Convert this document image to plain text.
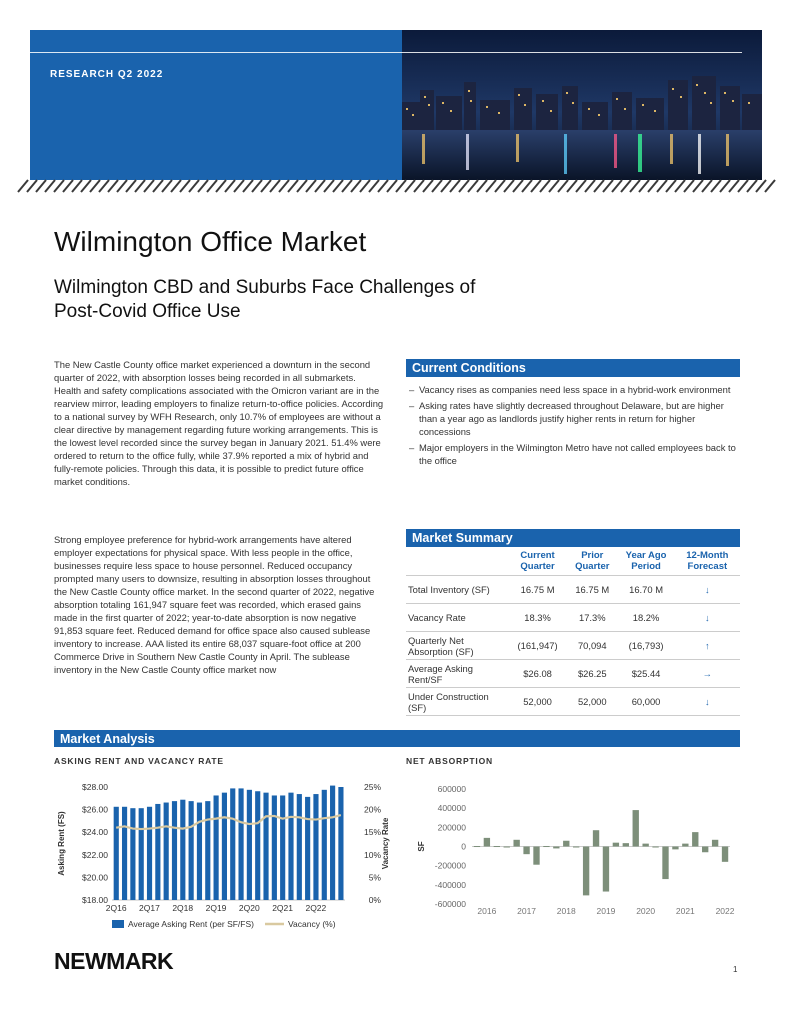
RESEARCH Q2 2022
Wilmington Office Market
Wilmington CBD and Suburbs Face Challenges of
Post-Covid Office Use
The New Castle County office market experienced a downturn in the second quarter of 2022, with absorption losses being recorded in all submarkets. Health and safety complications associated with the Omicron variant are in the rearview mirror, leading employers to finalize return-to-office policies. According to a national survey by WFH Research, only 10.7% of employees are without a clear directive by management regarding future working arrangements. This is the lowest level recorded since the survey began in January 2021. 51.4% were ordered to return to the office fully, while 37.9% reported a mix of hybrid and fully-remote policies. Through this data, it is possible to predict future office market conditions.
Strong employee preference for hybrid-work arrangements have altered employer expectations for physical space. With less people in the office, businesses require less space to house personnel. Reduced occupancy prompted many users to downsize, resulting in absorption losses throughout the New Castle County office market. In the second quarter of 2022, negative absorption totaling 161,947 square feet was recorded, which erased gains made in the first quarter of 2022; year-to-date absorption is now negative 91,853 square feet. Reduced demand for office space also caused sublease inventory to increase. AAA listed its entire 68,037 square-foot office at 200 Commerce Drive in Southern New Castle County in April. The sublease inventory in the New Castle County office market now
Current Conditions
– Vacancy rises as companies need less space in a hybrid-work environment
– Asking rates have slightly decreased throughout Delaware, but are higher than a year ago as landlords justify higher rents in return for higher concessions
– Major employers in the Wilmington Metro have not called employees back to the office
Market Summary
	Current Quarter	Prior Quarter	Year Ago Period	12-Month Forecast
Total Inventory (SF)	16.75 M	16.75 M	16.70 M	↓
Vacancy Rate	18.3%	17.3%	18.2%	↓
Quarterly Net Absorption (SF)	(161,947)	70,094	(16,793)	↑
Average Asking Rent/SF	$26.08	$26.25	$25.44	→
Under Construction (SF)	52,000	52,000	60,000	↓
Market Analysis
ASKING RENT AND VACANCY RATE	NET ABSORPTION
$18.00	0%
$20.00	5%
$22.00	10%
$24.00	15%
$26.00	20%
$28.00	25%
2Q16 2Q17 2Q18 2Q19 2Q20 2Q21 2Q22
Asking Rent (FS)	Vacancy Rate
Average Asking Rent (per SF/FS)	Vacancy (%)
600000
400000
200000
0
-200000
-400000
-600000
2016 2017 2018 2019 2020 2021 2022
SF
NEWMARK	1
